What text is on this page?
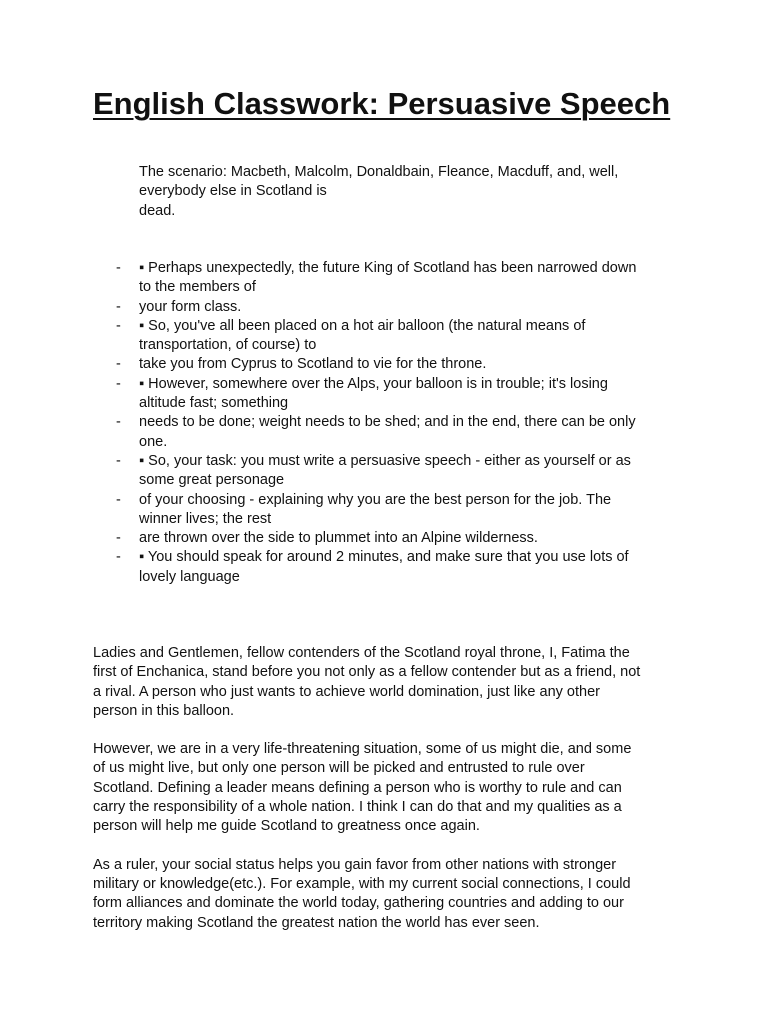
English Classwork: Persuasive Speech
The scenario: Macbeth, Malcolm, Donaldbain, Fleance, Macduff, and, well,
everybody else in Scotland is
dead.
-	▪ Perhaps unexpectedly, the future King of Scotland has been narrowed down
to the members of
-	your form class.
-	▪ So, you've all been placed on a hot air balloon (the natural means of
transportation, of course) to
-	take you from Cyprus to Scotland to vie for the throne.
-	▪ However, somewhere over the Alps, your balloon is in trouble; it's losing
altitude fast; something
-	needs to be done; weight needs to be shed; and in the end, there can be only
one.
-	▪ So, your task: you must write a persuasive speech - either as yourself or as
some great personage
-	of your choosing - explaining why you are the best person for the job. The
winner lives; the rest
-	are thrown over the side to plummet into an Alpine wilderness.
-	▪ You should speak for around 2 minutes, and make sure that you use lots of
lovely language

Ladies and Gentlemen, fellow contenders of the Scotland royal throne, I, Fatima the
first of Enchanica, stand before you not only as a fellow contender but as a friend, not
a rival. A person who just wants to achieve world domination, just like any other
person in this balloon.

However, we are in a very life-threatening situation, some of us might die, and some
of us might live, but only one person will be picked and entrusted to rule over
Scotland. Defining a leader means defining a person who is worthy to rule and can
carry the responsibility of a whole nation. I think I can do that and my qualities as a
person will help me guide Scotland to greatness once again.

As a ruler, your social status helps you gain favor from other nations with stronger
military or knowledge(etc.). For example, with my current social connections, I could
form alliances and dominate the world today, gathering countries and adding to our
territory making Scotland the greatest nation the world has ever seen.
